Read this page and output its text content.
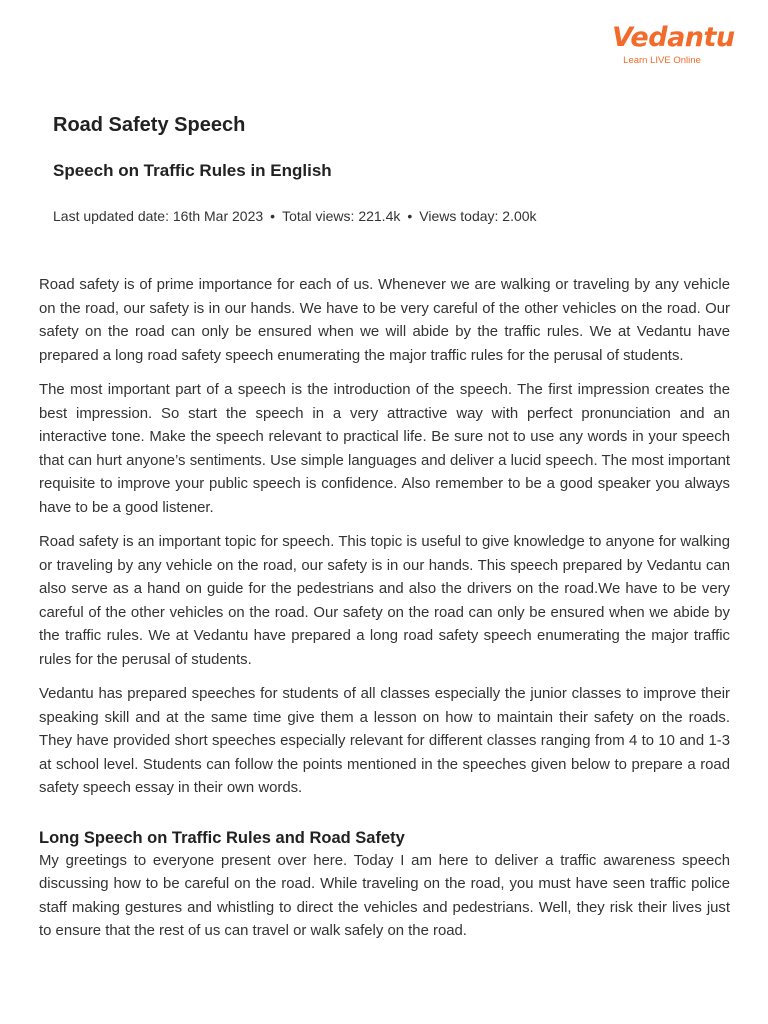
Vedantu
Learn LIVE Online
Road Safety Speech
Speech on Traffic Rules in English
Last updated date: 16th Mar 2023 • Total views: 221.4k • Views today: 2.00k

Road safety is of prime importance for each of us. Whenever we are walking or traveling by any vehicle on the road, our safety is in our hands. We have to be very careful of the other vehicles on the road. Our safety on the road can only be ensured when we will abide by the traffic rules. We at Vedantu have prepared a long road safety speech enumerating the major traffic rules for the perusal of students.

The most important part of a speech is the introduction of the speech. The first impression creates the best impression. So start the speech in a very attractive way with perfect pronunciation and an interactive tone. Make the speech relevant to practical life. Be sure not to use any words in your speech that can hurt anyone’s sentiments. Use simple languages and deliver a lucid speech. The most important requisite to improve your public speech is confidence. Also remember to be a good speaker you always have to be a good listener.

Road safety is an important topic for speech. This topic is useful to give knowledge to anyone for walking or traveling by any vehicle on the road, our safety is in our hands. This speech prepared by Vedantu can also serve as a hand on guide for the pedestrians and also the drivers on the road.We have to be very careful of the other vehicles on the road. Our safety on the road can only be ensured when we abide by the traffic rules. We at Vedantu have prepared a long road safety speech enumerating the major traffic rules for the perusal of students.

Vedantu has prepared speeches for students of all classes especially the junior classes to improve their speaking skill and at the same time give them a lesson on how to maintain their safety on the roads. They have provided short speeches especially relevant for different classes ranging from 4 to 10 and 1-3 at school level. Students can follow the points mentioned in the speeches given below to prepare a road safety speech essay in their own words.

Long Speech on Traffic Rules and Road Safety

My greetings to everyone present over here. Today I am here to deliver a traffic awareness speech discussing how to be careful on the road. While traveling on the road, you must have seen traffic police staff making gestures and whistling to direct the vehicles and pedestrians. Well, they risk their lives just to ensure that the rest of us can travel or walk safely on the road.
